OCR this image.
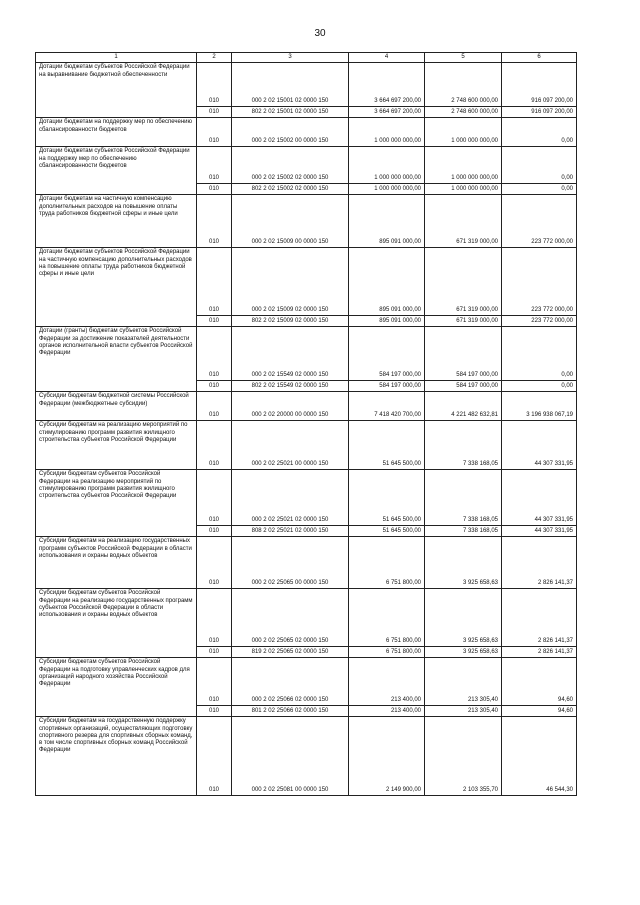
30
1	2	3	4	5	6
Дотации бюджетам субъектов Российской Федерации на выравнивание бюджетной обеспеченности	010	000 2 02 15001 02 0000 150	3 664 697 200,00	2 748 600 000,00	916 097 200,00
	010	802 2 02 15001 02 0000 150	3 664 697 200,00	2 748 600 000,00	916 097 200,00
Дотации бюджетам на поддержку мер по обеспечению сбалансированности бюджетов	010	000 2 02 15002 00 0000 150	1 000 000 000,00	1 000 000 000,00	0,00
Дотации бюджетам субъектов Российской Федерации на поддержку мер по обеспечению сбалансированности бюджетов	010	000 2 02 15002 02 0000 150	1 000 000 000,00	1 000 000 000,00	0,00
	010	802 2 02 15002 02 0000 150	1 000 000 000,00	1 000 000 000,00	0,00
Дотации бюджетам на частичную компенсацию дополнительных расходов на повышение оплаты труда работников бюджетной сферы и иные цели	010	000 2 02 15009 00 0000 150	895 091 000,00	671 319 000,00	223 772 000,00
Дотации бюджетам субъектов Российской Федерации на частичную компенсацию дополнительных расходов на повышение оплаты труда работников бюджетной сферы и иные цели	010	000 2 02 15009 02 0000 150	895 091 000,00	671 319 000,00	223 772 000,00
	010	802 2 02 15009 02 0000 150	895 091 000,00	671 319 000,00	223 772 000,00
Дотации (гранты) бюджетам субъектов Российской Федерации за достижение показателей деятельности органов исполнительной власти субъектов Российской Федерации	010	000 2 02 15549 02 0000 150	584 197 000,00	584 197 000,00	0,00
	010	802 2 02 15549 02 0000 150	584 197 000,00	584 197 000,00	0,00
Субсидии бюджетам бюджетной системы Российской Федерации (межбюджетные субсидии)	010	000 2 02 20000 00 0000 150	7 418 420 700,00	4 221 482 632,81	3 196 938 067,19
Субсидии бюджетам на реализацию мероприятий по стимулированию программ развития жилищного строительства субъектов Российской Федерации	010	000 2 02 25021 00 0000 150	51 645 500,00	7 338 168,05	44 307 331,95
Субсидии бюджетам субъектов Российской Федерации на реализацию мероприятий по стимулированию программ развития жилищного строительства субъектов Российской Федерации	010	000 2 02 25021 02 0000 150	51 645 500,00	7 338 168,05	44 307 331,95
	010	808 2 02 25021 02 0000 150	51 645 500,00	7 338 168,05	44 307 331,95
Субсидии бюджетам на реализацию государственных программ субъектов Российской Федерации в области использования и охраны водных объектов	010	000 2 02 25065 00 0000 150	6 751 800,00	3 925 658,63	2 826 141,37
Субсидии бюджетам субъектов Российской Федерации на реализацию государственных программ субъектов Российской Федерации в области использования и охраны водных объектов	010	000 2 02 25065 02 0000 150	6 751 800,00	3 925 658,63	2 826 141,37
	010	819 2 02 25065 02 0000 150	6 751 800,00	3 925 658,63	2 826 141,37
Субсидии бюджетам субъектов Российской Федерации на подготовку управленческих кадров для организаций народного хозяйства Российской Федерации	010	000 2 02 25066 02 0000 150	213 400,00	213 305,40	94,60
	010	801 2 02 25066 02 0000 150	213 400,00	213 305,40	94,60
Субсидии бюджетам на государственную поддержку спортивных организаций, осуществляющих подготовку спортивного резерва для спортивных сборных команд, в том числе спортивных сборных команд Российской Федерации	010	000 2 02 25081 00 0000 150	2 149 900,00	2 103 355,70	46 544,30
